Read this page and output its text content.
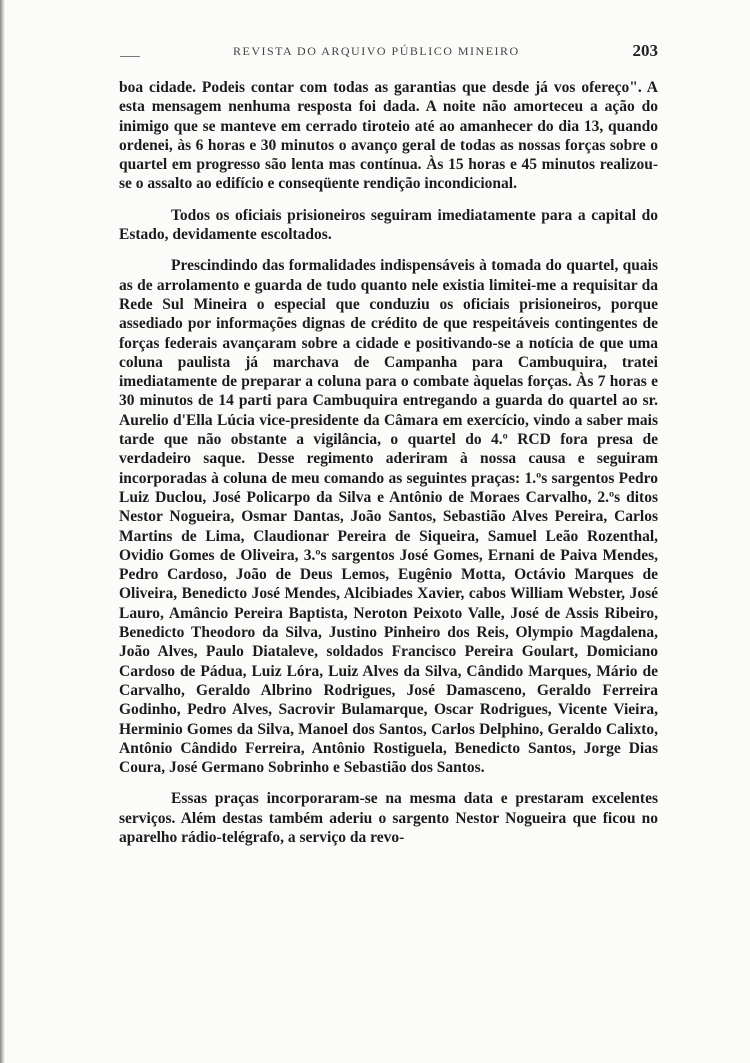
REVISTA DO ARQUIVO PÚBLICO MINEIRO	203

boa cidade. Podeis contar com todas as garantias que desde já vos ofereço". A esta mensagem nenhuma resposta foi dada. A noite não amorteceu a ação do inimigo que se manteve em cerrado tiroteio até ao amanhecer do dia 13, quando ordenei, às 6 horas e 30 minutos o avanço geral de todas as nossas forças sobre o quartel em progresso são lenta mas contínua. Às 15 horas e 45 minutos realizou-se o assalto ao edifício e conseqüente rendição incondicional.

Todos os oficiais prisioneiros seguiram imediatamente para a capital do Estado, devidamente escoltados.

Prescindindo das formalidades indispensáveis à tomada do quartel, quais as de arrolamento e guarda de tudo quanto nele existia limitei-me a requisitar da Rede Sul Mineira o especial que conduziu os oficiais prisioneiros, porque assediado por informações dignas de crédito de que respeitáveis contingentes de forças federais avançaram sobre a cidade e positivando-se a notícia de que uma coluna paulista já marchava de Campanha para Cambuquira, tratei imediatamente de preparar a coluna para o combate àquelas forças. Às 7 horas e 30 minutos de 14 parti para Cambuquira entregando a guarda do quartel ao sr. Aurelio d'Ella Lúcia vice-presidente da Câmara em exercício, vindo a saber mais tarde que não obstante a vigilância, o quartel do 4.º RCD fora presa de verdadeiro saque. Desse regimento aderiram à nossa causa e seguiram incorporadas à coluna de meu comando as seguintes praças: 1.ºs sargentos Pedro Luiz Duclou, José Policarpo da Silva e Antônio de Moraes Carvalho, 2.ºs ditos Nestor Nogueira, Osmar Dantas, João Santos, Sebastião Alves Pereira, Carlos Martins de Lima, Claudionar Pereira de Siqueira, Samuel Leão Rozenthal, Ovidio Gomes de Oliveira, 3.ºs sargentos José Gomes, Ernani de Paiva Mendes, Pedro Cardoso, João de Deus Lemos, Eugênio Motta, Octávio Marques de Oliveira, Benedicto José Mendes, Alcibiades Xavier, cabos William Webster, José Lauro, Amâncio Pereira Baptista, Neroton Peixoto Valle, José de Assis Ribeiro, Benedicto Theodoro da Silva, Justino Pinheiro dos Reis, Olympio Magdalena, João Alves, Paulo Diataleve, soldados Francisco Pereira Goulart, Domiciano Cardoso de Pádua, Luiz Lóra, Luiz Alves da Silva, Cândido Marques, Mário de Carvalho, Geraldo Albrino Rodrigues, José Damasceno, Geraldo Ferreira Godinho, Pedro Alves, Sacrovir Bulamarque, Oscar Rodrigues, Vicente Vieira, Herminio Gomes da Silva, Manoel dos Santos, Carlos Delphino, Geraldo Calixto, Antônio Cândido Ferreira, Antônio Rostiguela, Benedicto Santos, Jorge Dias Coura, José Germano Sobrinho e Sebastião dos Santos.

Essas praças incorporaram-se na mesma data e prestaram excelentes serviços. Além destas também aderiu o sargento Nestor Nogueira que ficou no aparelho rádio-telégrafo, a serviço da revo-
